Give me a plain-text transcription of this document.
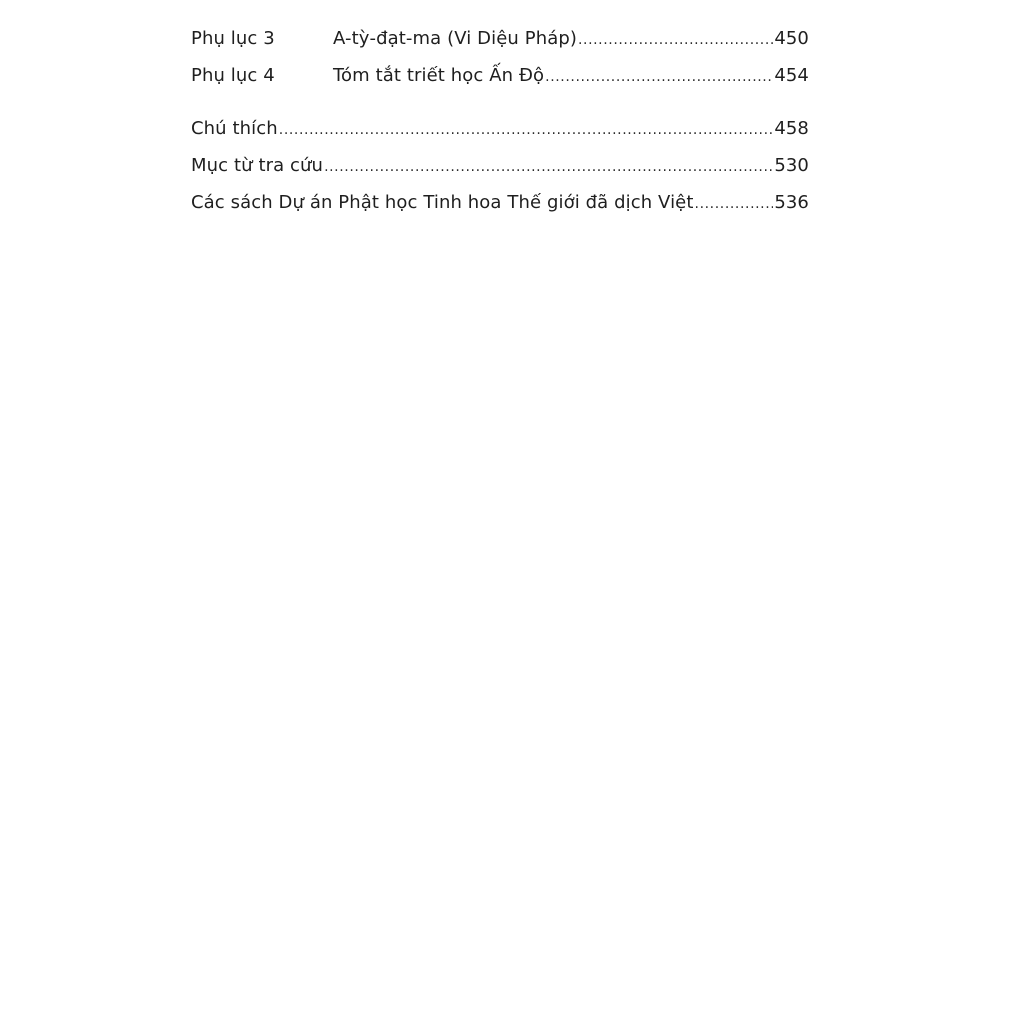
Phụ lục 3	A-tỳ-đạt-ma (Vi Diệu Pháp) .....	450
Phụ lục 4	Tóm tắt triết học Ấn Độ .....	454
Chú thích .....	458
Mục từ tra cứu .....	530
Các sách Dự án Phật học Tinh hoa Thế giới đã dịch Việt .....	536
